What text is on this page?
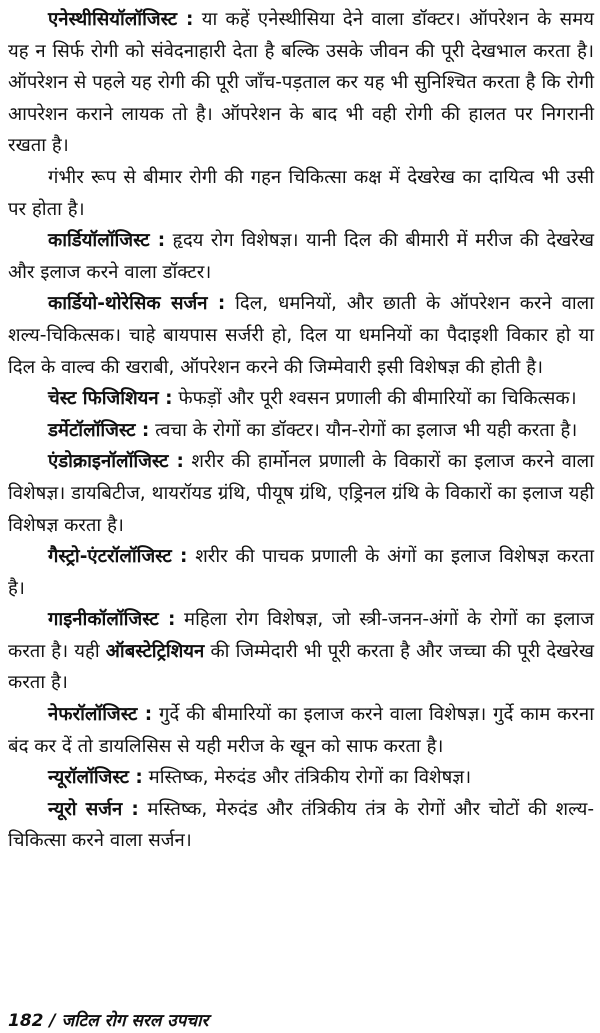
एनेस्थीसियॉलॉजिस्ट : या कहें एनेस्थीसिया देने वाला डॉक्टर। ऑपरेशन के समय यह न सिर्फ रोगी को संवेदनाहारी देता है बल्कि उसके जीवन की पूरी देखभाल करता है। ऑपरेशन से पहले यह रोगी की पूरी जाँच-पड़ताल कर यह भी सुनिश्चित करता है कि रोगी आपरेशन कराने लायक तो है। ऑपरेशन के बाद भी वही रोगी की हालत पर निगरानी रखता है।

गंभीर रूप से बीमार रोगी की गहन चिकित्सा कक्ष में देखरेख का दायित्व भी उसी पर होता है।

कार्डियॉलॉजिस्ट : हृदय रोग विशेषज्ञ। यानी दिल की बीमारी में मरीज की देखरेख और इलाज करने वाला डॉक्टर।

कार्डियो-थोरेसिक सर्जन : दिल, धमनियों, और छाती के ऑपरेशन करने वाला शल्य-चिकित्सक। चाहे बायपास सर्जरी हो, दिल या धमनियों का पैदाइशी विकार हो या दिल के वाल्व की खराबी, ऑपरेशन करने की जिम्मेवारी इसी विशेषज्ञ की होती है।

चेस्ट फिजिशियन : फेफड़ों और पूरी श्वसन प्रणाली की बीमारियों का चिकित्सक।

डर्मेटॉलॉजिस्ट : त्वचा के रोगों का डॉक्टर। यौन-रोगों का इलाज भी यही करता है।

एंडोक्राइनॉलॉजिस्ट : शरीर की हार्मोनल प्रणाली के विकारों का इलाज करने वाला विशेषज्ञ। डायबिटीज, थायरॉयड ग्रंथि, पीयूष ग्रंथि, एड्रिनल ग्रंथि के विकारों का इलाज यही विशेषज्ञ करता है।

गैस्ट्रो-एंटरॉलॉजिस्ट : शरीर की पाचक प्रणाली के अंगों का इलाज विशेषज्ञ करता है।

गाइनीकॉलॉजिस्ट : महिला रोग विशेषज्ञ, जो स्त्री-जनन-अंगों के रोगों का इलाज करता है। यही ऑबस्टेट्रिशियन की जिम्मेदारी भी पूरी करता है और जच्चा की पूरी देखरेख करता है।

नेफरॉलॉजिस्ट : गुर्दे की बीमारियों का इलाज करने वाला विशेषज्ञ। गुर्दे काम करना बंद कर दें तो डायलिसिस से यही मरीज के खून को साफ करता है।

न्यूरॉलॉजिस्ट : मस्तिष्क, मेरुदंड और तंत्रिकीय रोगों का विशेषज्ञ।

न्यूरो सर्जन : मस्तिष्क, मेरुदंड और तंत्रिकीय तंत्र के रोगों और चोटों की शल्य-चिकित्सा करने वाला सर्जन।

182 / जटिल रोग सरल उपचार
